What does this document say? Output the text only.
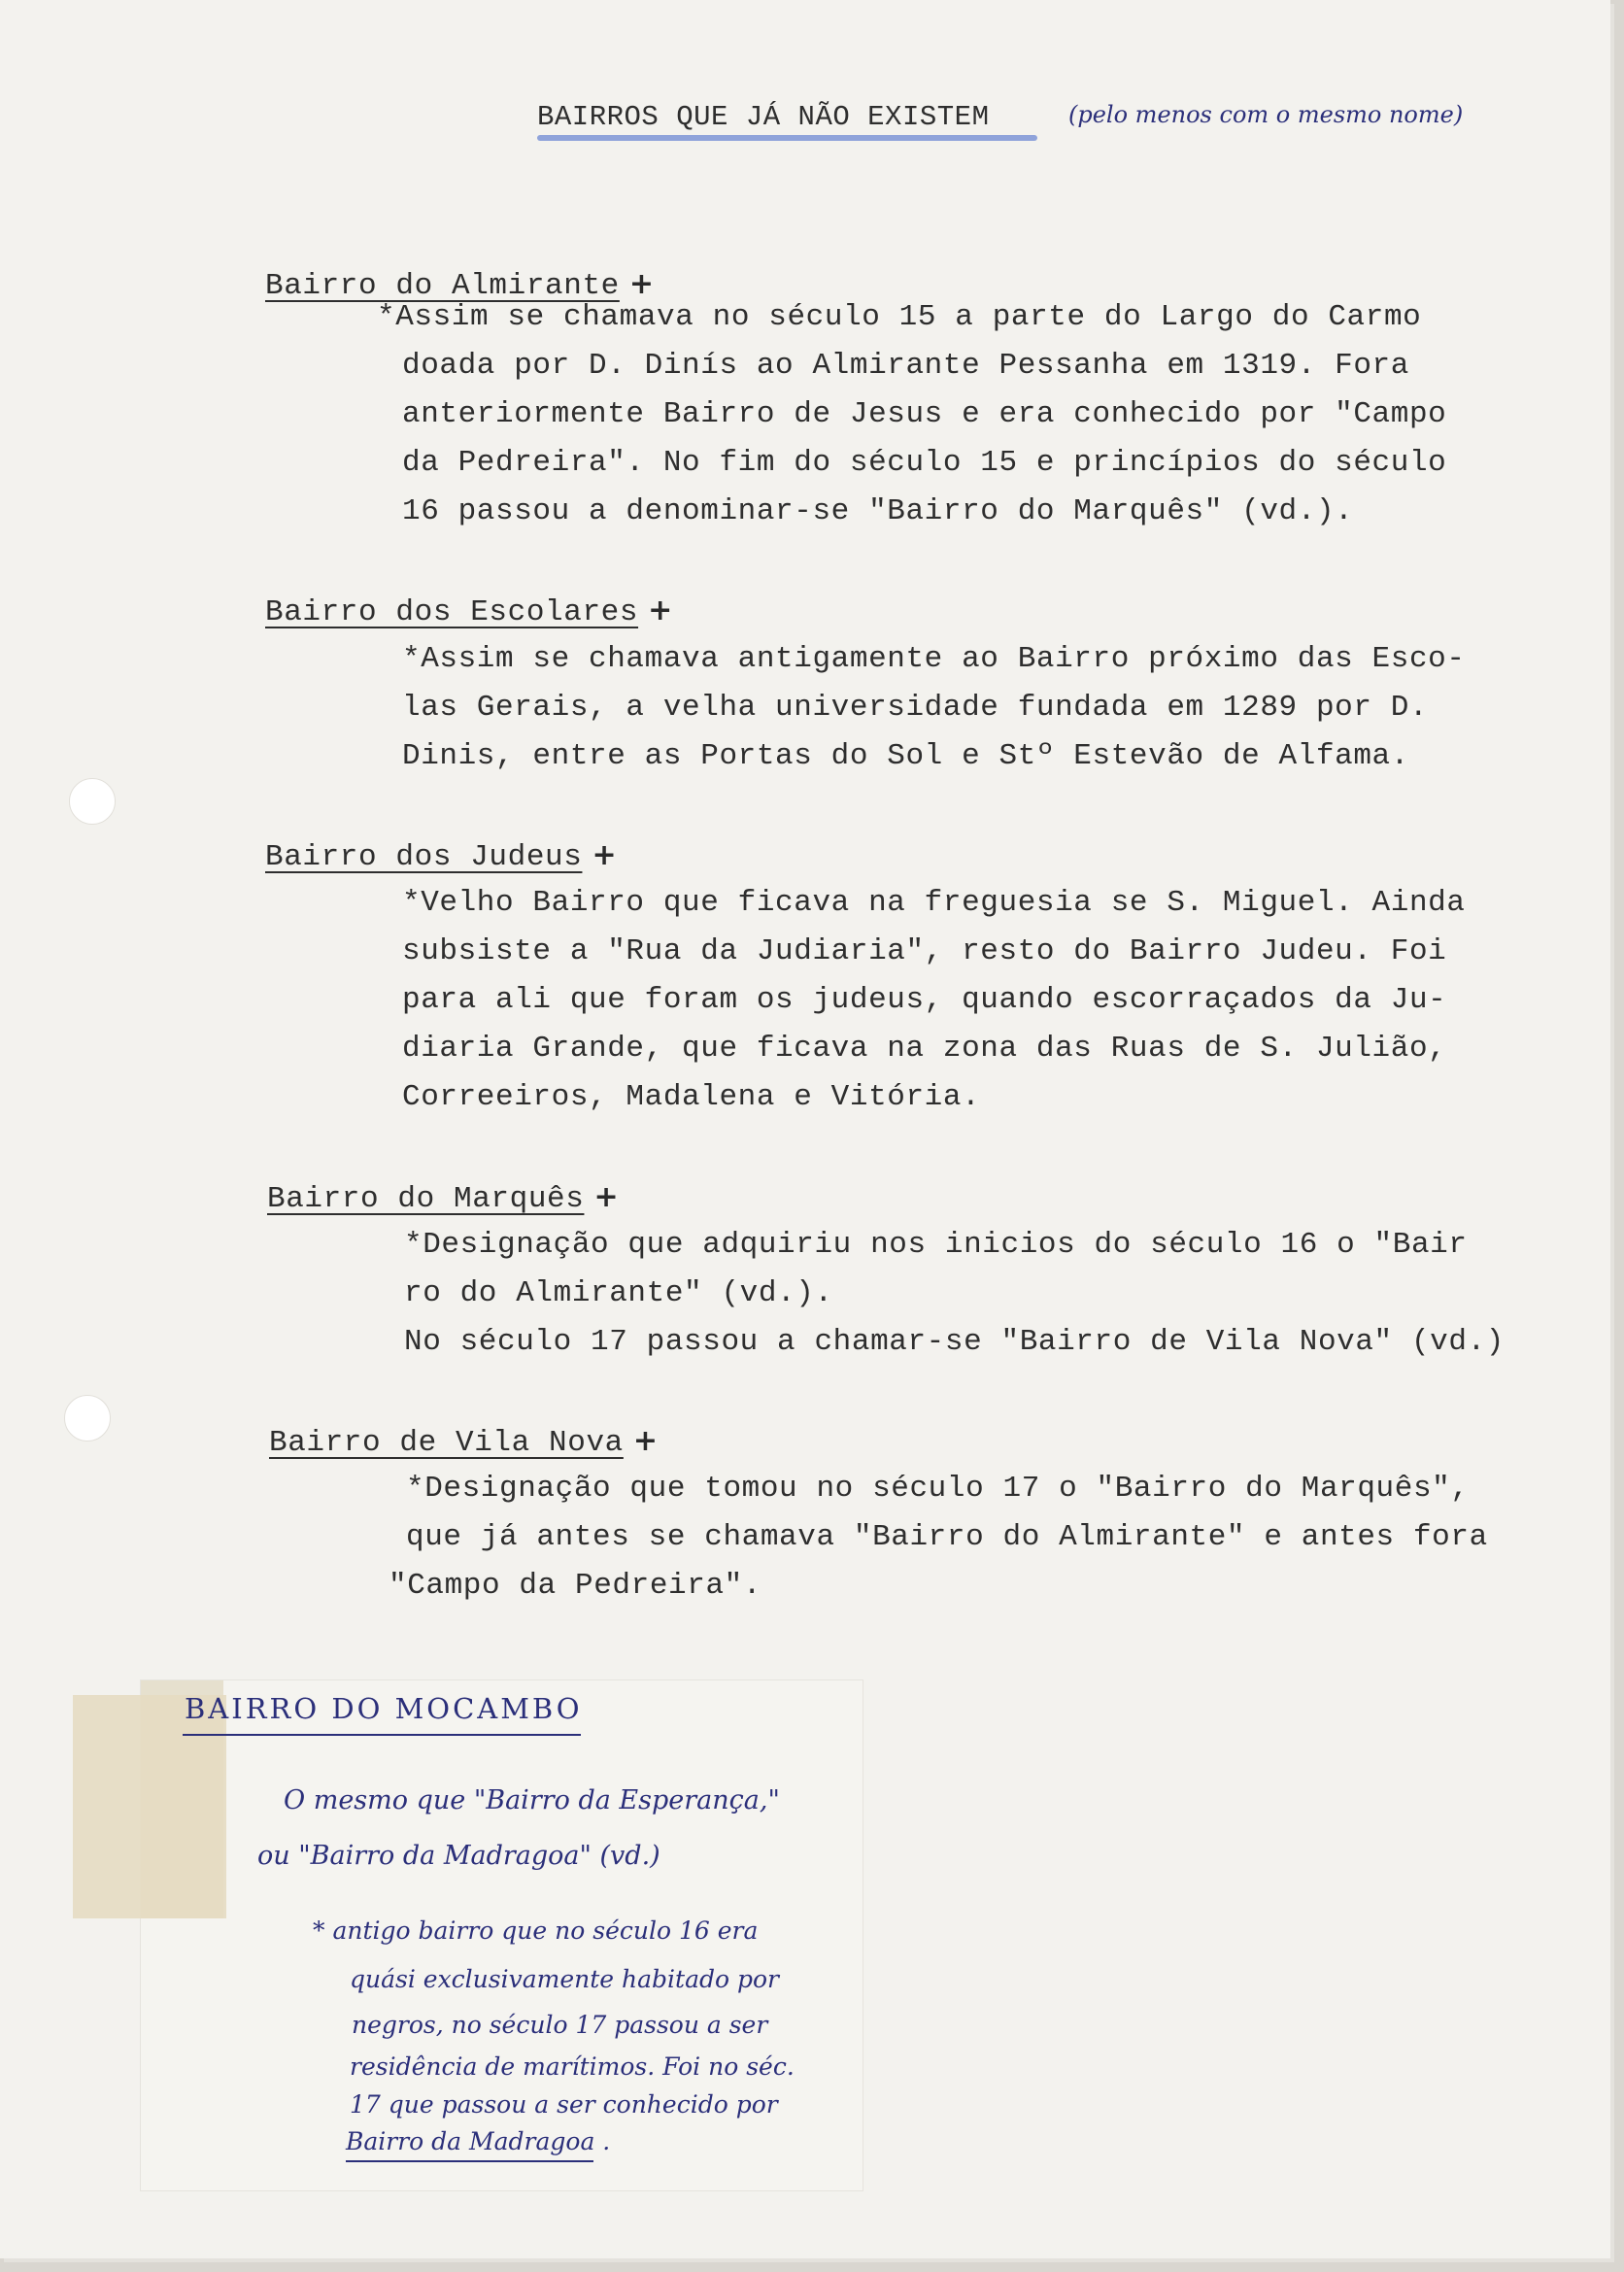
BAIRROS QUE JÁ NÃO EXISTEM	(pelo menos com o mesmo nome)
Bairro do Almirante +
*Assim se chamava no século 15 a parte do Largo do Carmo
doada por D. Dinís ao Almirante Pessanha em 1319. Fora
anteriormente Bairro de Jesus e era conhecido por "Campo
da Pedreira". No fim do século 15 e princípios do século
16 passou a denominar-se "Bairro do Marquês" (vd.).
Bairro dos Escolares +
*Assim se chamava antigamente ao Bairro próximo das Esco-
las Gerais, a velha universidade fundada em 1289 por D.
Dinis, entre as Portas do Sol e Stº Estevão de Alfama.
Bairro dos Judeus +
*Velho Bairro que ficava na freguesia se S. Miguel. Ainda
subsiste a "Rua da Judiaria", resto do Bairro Judeu. Foi
para ali que foram os judeus, quando escorraçados da Ju-
diaria Grande, que ficava na zona das Ruas de S. Julião,
Correeiros, Madalena e Vitória.
Bairro do Marquês +
*Designação que adquiriu nos inicios do século 16 o "Bair
ro do Almirante" (vd.).
No século 17 passou a chamar-se "Bairro de Vila Nova" (vd.)
Bairro de Vila Nova +
*Designação que tomou no século 17 o "Bairro do Marquês",
que já antes se chamava "Bairro do Almirante" e antes fora
"Campo da Pedreira".
BAIRRO DO MOCAMBO
O mesmo que "Bairro da Esperança,"
ou "Bairro da Madragoa" (vd.)
* antigo bairro que no século 16 era
quási exclusivamente habitado por
negros, no século 17 passou a ser
residência de marítimos. Foi no séc.
17 que passou a ser conhecido por
Bairro da Madragoa .
